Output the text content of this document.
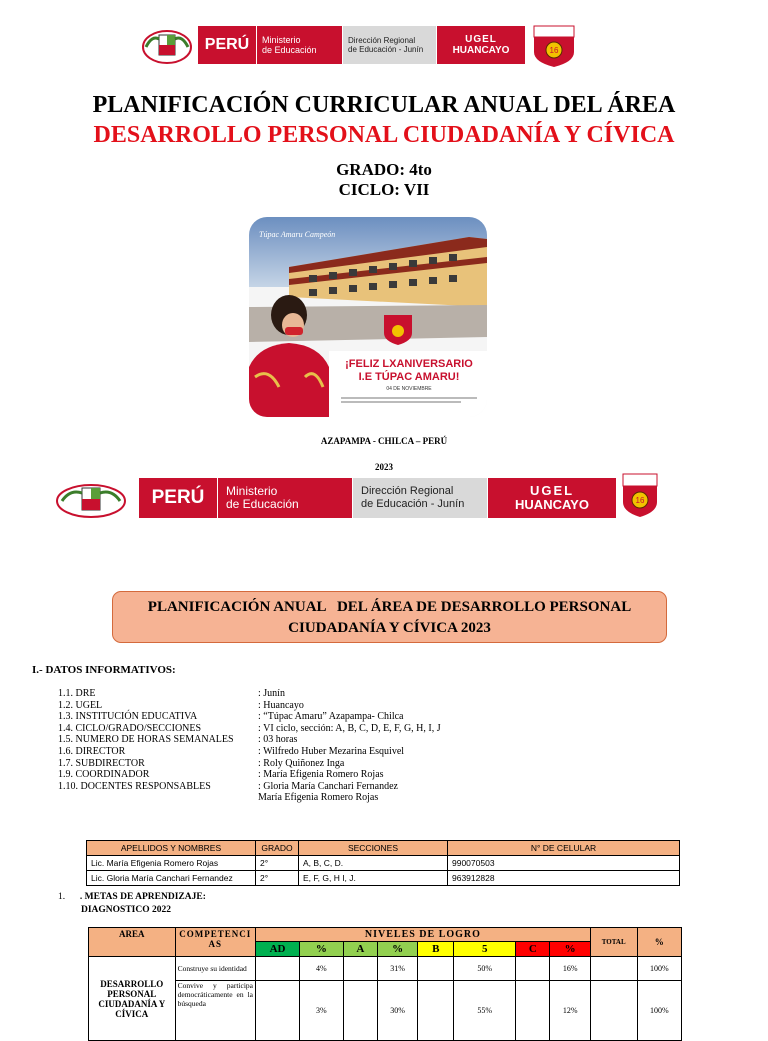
PERÚ Ministerio
de Educación
Dirección Regional
de Educación - Junín
UGEL
HUANCAYO	16
PLANIFICACIÓN CURRICULAR ANUAL DEL ÁREA
DESARROLLO PERSONAL CIUDADANÍA Y CÍVICA
GRADO: 4to
CICLO: VII
Túpac Amaru Campeón
¡FELIZ LXANIVERSARIO
I.E TÚPAC AMARU!
04 DE NOVIEMBRE
AZAPAMPA - CHILCA – PERÚ
2023
PERÚ Ministerio
de Educación
Dirección Regional
de Educación - Junín
UGEL
HUANCAYO	16
PLANIFICACIÓN ANUAL   DEL ÁREA DE DESARROLLO PERSONAL
CIUDADANÍA Y CÍVICA 2023
I.- DATOS INFORMATIVOS:
1.1. DRE	: Junín
1.2. UGEL	: Huancayo
1.3. INSTITUCIÓN EDUCATIVA	: “Túpac Amaru” Azapampa- Chilca
1.4. CICLO/GRADO/SECCIONES	: VI ciclo, sección: A, B, C, D, E, F, G, H, I, J
1.5. NUMERO DE HORAS SEMANALES : 03 horas
1.6. DIRECTOR	: Wilfredo Huber Mezarina Esquivel
1.7. SUBDIRECTOR	: Roly Quiñonez Inga
1.9. COORDINADOR	: María Efigenia Romero Rojas
1.10. DOCENTES RESPONSABLES	: Gloria María Canchari Fernandez
María Efigenia Romero Rojas
APELLIDOS Y NOMBRES	GRADO	SECCIONES	N° DE CELULAR
Lic. María Efigenia Romero Rojas	2°	A, B, C, D.	990070503
Lic. Gloria María Canchari Fernandez	2°	E, F, G, H I, J.	963912828
1. . METAS DE APRENDIZAJE:
DIAGNOSTICO 2022
AREA	COMPETENCI AS	NIVELES DE LOGRO								TOTAL	%
		AD	%	A	%	B	5	C	%		
DESARROLLO PERSONAL CIUDADANÍA Y CÍVICA	Construye su identidad		4%		31%		50%		16%		100%
	Convive y participa democráticamente en la búsqueda		3%		30%		55%		12%		100%
